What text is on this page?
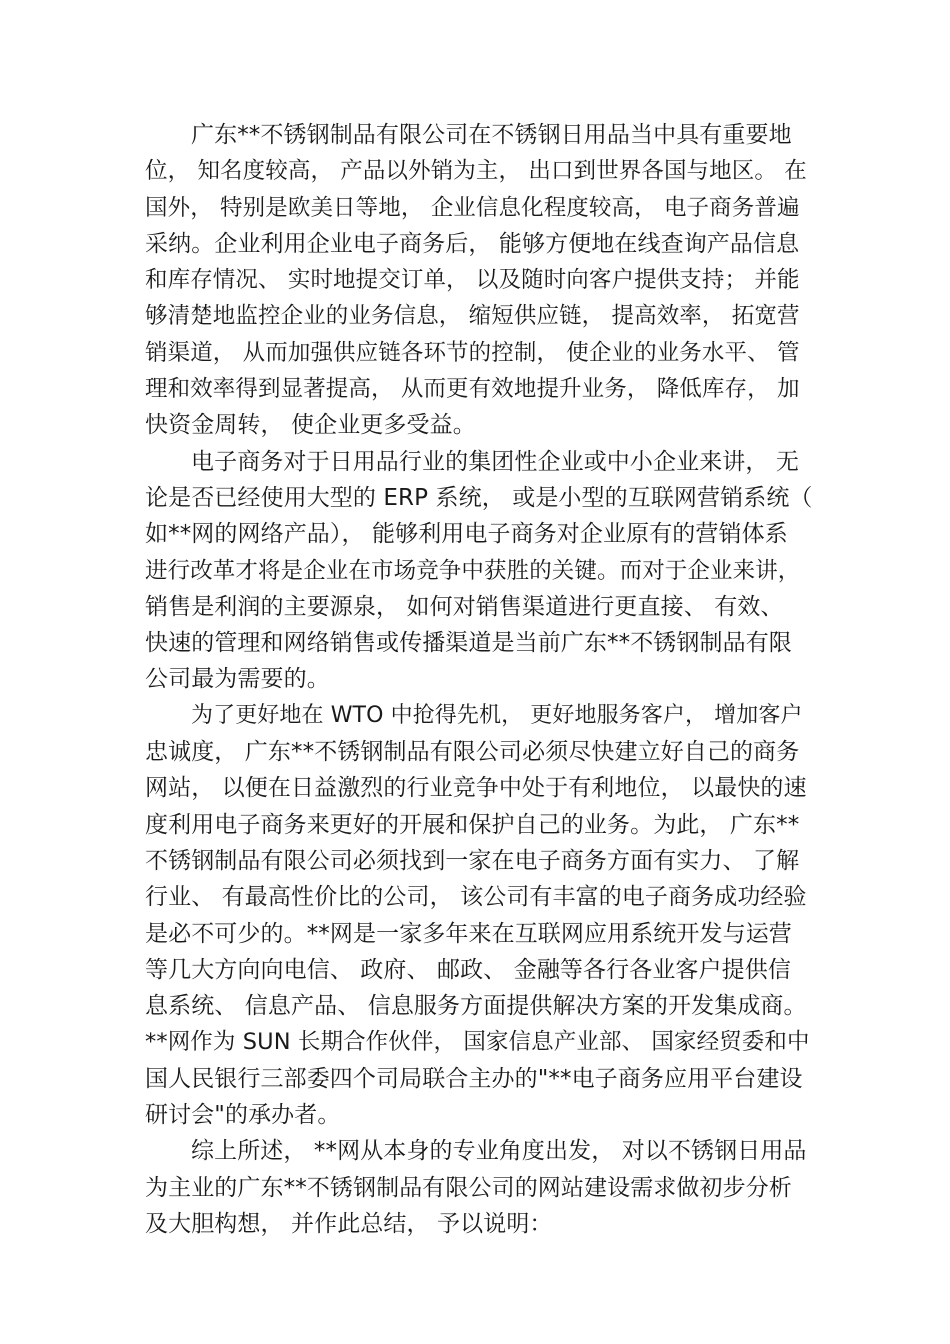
广东**不锈钢制品有限公司在不锈钢日用品当中具有重要地
位， 知名度较高， 产品以外销为主， 出口到世界各国与地区。 在
国外， 特别是欧美日等地， 企业信息化程度较高， 电子商务普遍
采纳。企业利用企业电子商务后， 能够方便地在线查询产品信息
和库存情况、 实时地提交订单， 以及随时向客户提供支持； 并能
够清楚地监控企业的业务信息， 缩短供应链， 提高效率， 拓宽营
销渠道， 从而加强供应链各环节的控制， 使企业的业务水平、 管
理和效率得到显著提高， 从而更有效地提升业务， 降低库存， 加
快资金周转， 使企业更多受益。
电子商务对于日用品行业的集团性企业或中小企业来讲， 无
论是否已经使用大型的 ERP 系统， 或是小型的互联网营销系统（
如**网的网络产品）， 能够利用电子商务对企业原有的营销体系
进行改革才将是企业在市场竞争中获胜的关键。而对于企业来讲，
销售是利润的主要源泉， 如何对销售渠道进行更直接、 有效、
快速的管理和网络销售或传播渠道是当前广东**不锈钢制品有限
公司最为需要的。
为了更好地在 WTO 中抢得先机， 更好地服务客户， 增加客户
忠诚度， 广东**不锈钢制品有限公司必须尽快建立好自己的商务
网站， 以便在日益激烈的行业竞争中处于有利地位， 以最快的速
度利用电子商务来更好的开展和保护自己的业务。为此， 广东**
不锈钢制品有限公司必须找到一家在电子商务方面有实力、 了解
行业、 有最高性价比的公司， 该公司有丰富的电子商务成功经验
是必不可少的。**网是一家多年来在互联网应用系统开发与运营
等几大方向向电信、 政府、 邮政、 金融等各行各业客户提供信
息系统、 信息产品、 信息服务方面提供解决方案的开发集成商。
**网作为 SUN 长期合作伙伴， 国家信息产业部、 国家经贸委和中
国人民银行三部委四个司局联合主办的"**电子商务应用平台建设
研讨会"的承办者。
综上所述， **网从本身的专业角度出发， 对以不锈钢日用品
为主业的广东**不锈钢制品有限公司的网站建设需求做初步分析
及大胆构想， 并作此总结， 予以说明：
